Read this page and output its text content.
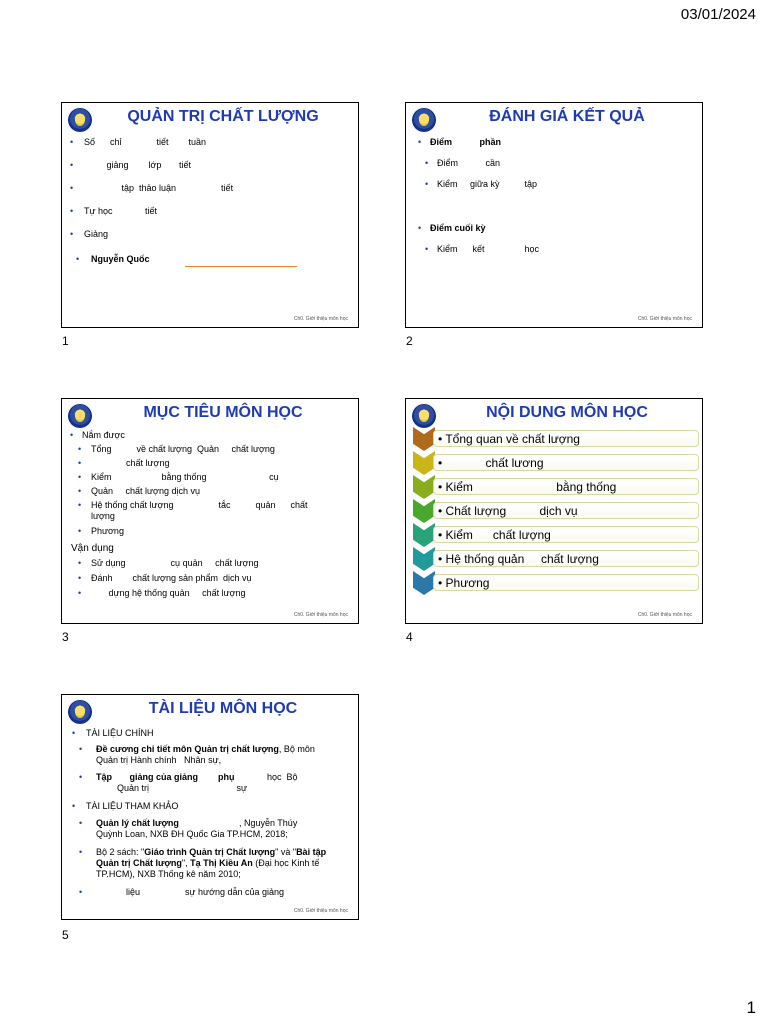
03/01/2024
QUẢN TRỊ CHẤT LƯỢNG
• Số      chỉ              tiết        tuần
• giảng        lớp       tiết
• tập  thảo luận                  tiết
• Tự học             tiết
• Giảng
• Nguyễn Quốc
Ch0. Giới thiệu môn học
1
ĐÁNH GIÁ KẾT QUẢ
• Điểm           phần
• Điểm           cần
• Kiểm     giữa kỳ          tập
• Điểm cuối kỳ
• Kiểm      kết                học
Ch0. Giới thiệu môn học
2
MỤC TIÊU MÔN HỌC
• Nắm được
• Tổng          về chất lượng  Quản     chất lượng
• chất lượng
• Kiểm                    bằng thống                         cụ
• Quản     chất lượng dịch vụ
• Hệ thống chất lượng                  tắc          quản      chất
lượng
• Phương
Vận dụng
• Sử dụng                  cụ quản     chất lượng
• Đánh        chất lượng sản phẩm  dịch vụ
• dựng hệ thống quản     chất lượng
Ch0. Giới thiệu môn học
3
NỘI DUNG MÔN HỌC
• Tổng quan về chất lượng
•             chất lương
• Kiểm                         bằng thống
• Chất lượng          dịch vụ
• Kiểm      chất lượng
• Hệ thống quản     chất lượng
• Phương
Ch0. Giới thiệu môn học
4
TÀI LIỆU MÔN HỌC
• TÀI LIỆU CHÍNH
• Đề cương chi tiết môn Quản trị chất lượng, Bộ môn
Quản trị Hành chính   Nhân sự,
• Tập       giảng của giảng        phụ             học  Bộ
Quản trị                                   sự
• TÀI LIỆU THAM KHẢO
• Quản lý chất lượng                        , Nguyễn Thúy
Quỳnh Loan, NXB ĐH Quốc Gia TP.HCM, 2018;
• Bộ 2 sách: "Giáo trình Quản trị Chất lượng" và "Bài tập
Quản trị Chất lượng", Tạ Thị Kiều An (Đại học Kinh tế
TP.HCM), NXB Thống kê năm 2010;
• liệu                  sự hướng dẫn của giảng
Ch0. Giới thiệu môn học
5
1
